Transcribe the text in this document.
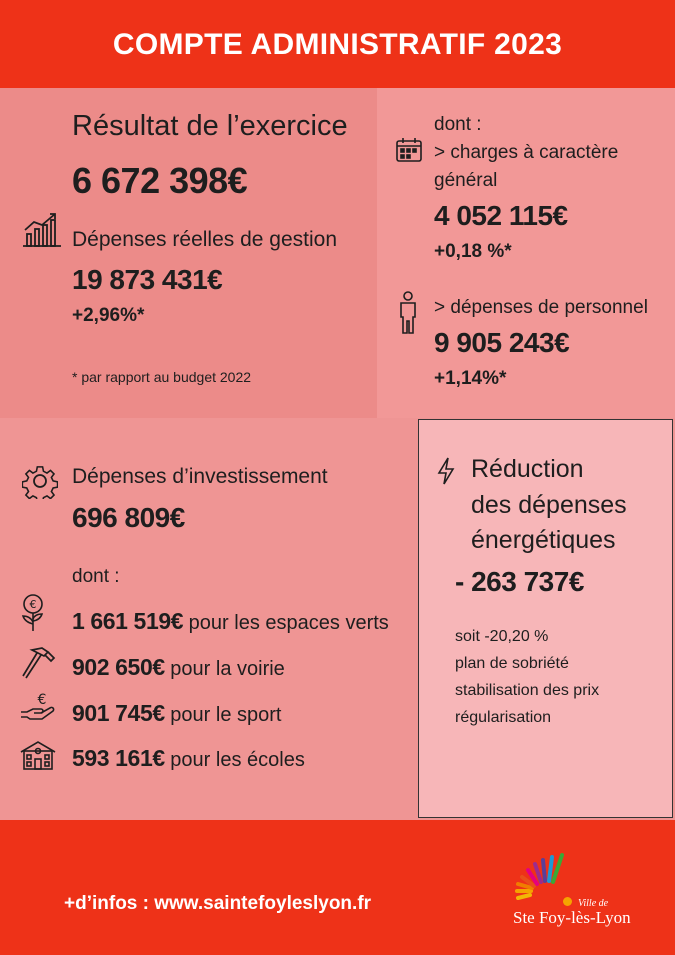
COMPTE ADMINISTRATIF 2023
Résultat de l’exercice
6 672 398€
Dépenses réelles de gestion
19 873 431€
+2,96%*
* par rapport au budget 2022
dont :
> charges à caractère
général
4 052 115€
+0,18 %*
> dépenses de personnel
9 905 243€
+1,14%*
Dépenses d’investissement
696 809€
dont :
€
1 661 519€ pour les espaces verts
902 650€ pour la voirie
€ 901 745€ pour le sport
593 161€ pour les écoles
Réduction
des dépenses
énergétiques
- 263 737€
soit -20,20 %
plan de sobriété
stabilisation des prix
régularisation
+d’infos : www.saintefoyleslyon.fr	Ville de
Ste Foy-lès-Lyon
